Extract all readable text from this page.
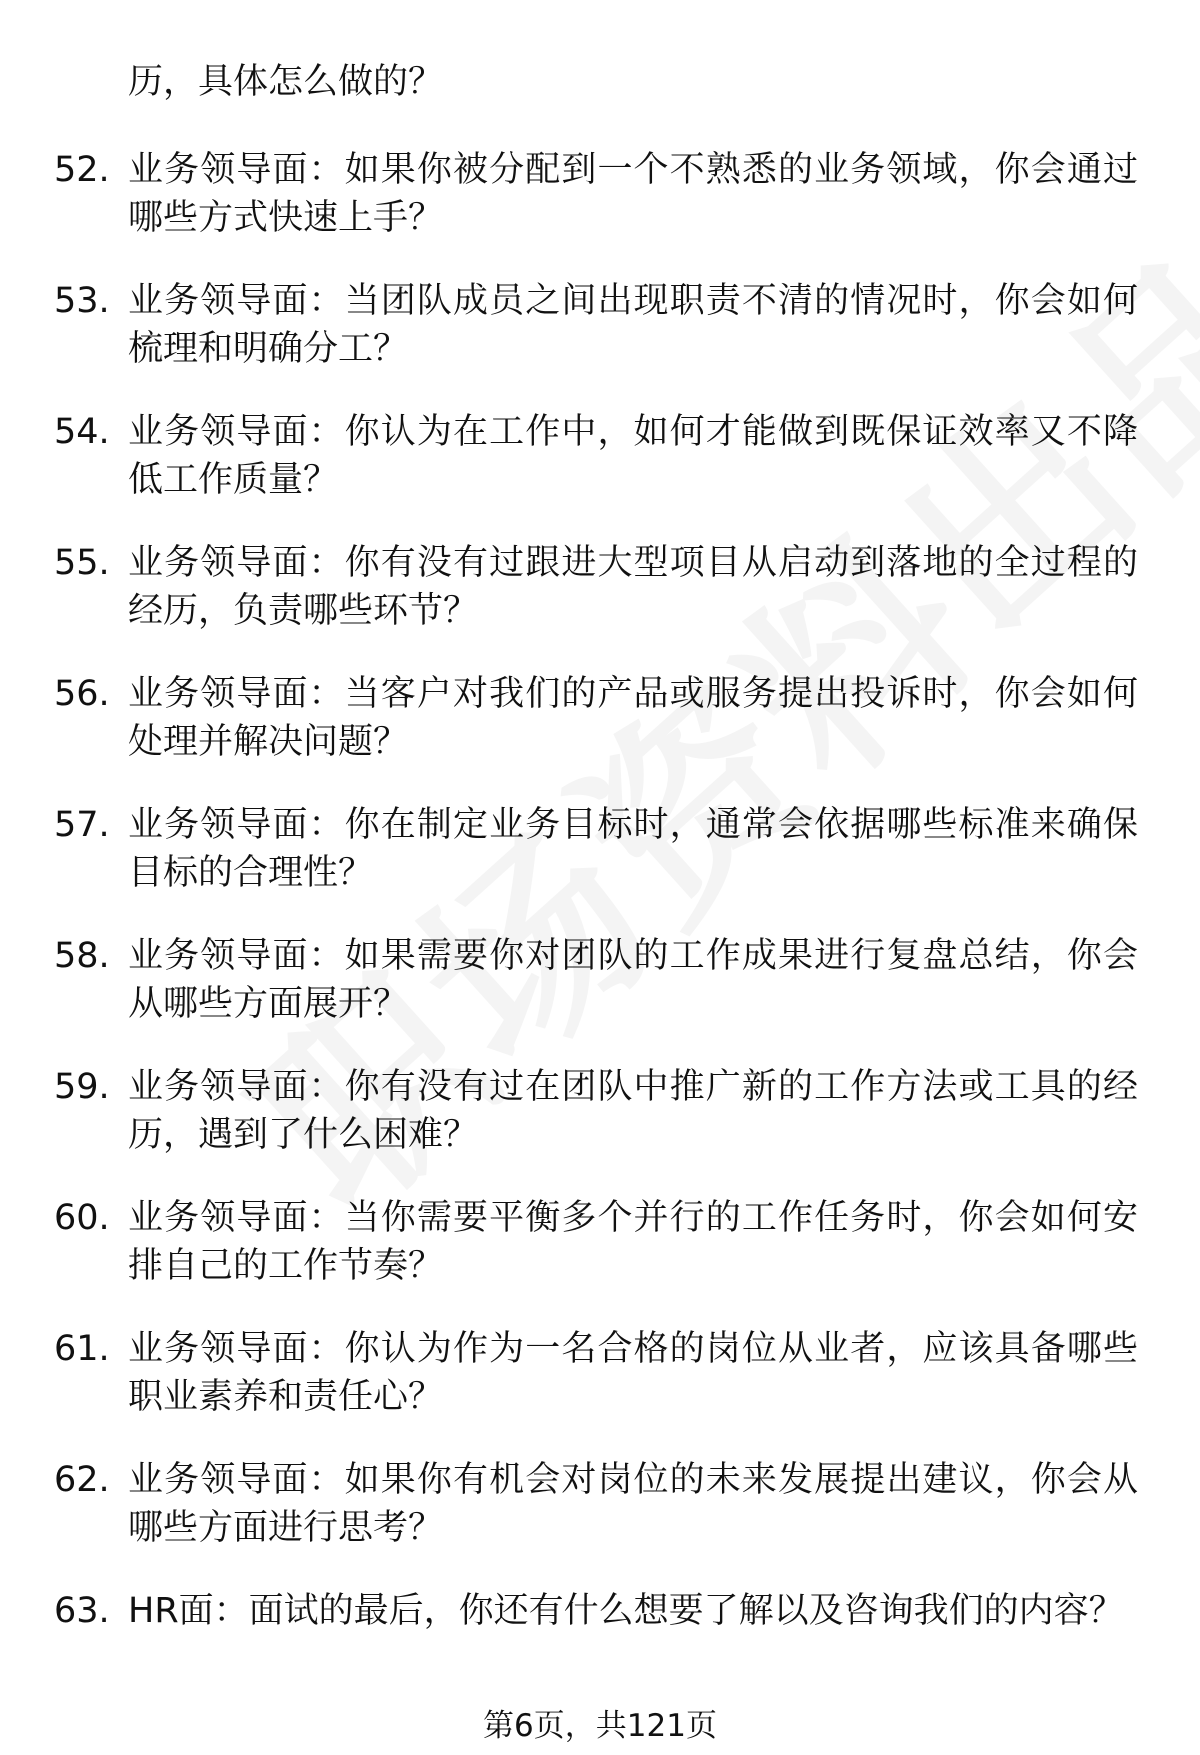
历，具体怎么做的？
52. 业务领导面：如果你被分配到一个不熟悉的业务领域，你会通过哪些方式快速上手？
53. 业务领导面：当团队成员之间出现职责不清的情况时，你会如何梳理和明确分工？
54. 业务领导面：你认为在工作中，如何才能做到既保证效率又不降低工作质量？
55. 业务领导面：你有没有过跟进大型项目从启动到落地的全过程的经历，负责哪些环节？
56. 业务领导面：当客户对我们的产品或服务提出投诉时，你会如何处理并解决问题？
57. 业务领导面：你在制定业务目标时，通常会依据哪些标准来确保目标的合理性？
58. 业务领导面：如果需要你对团队的工作成果进行复盘总结，你会从哪些方面展开？
59. 业务领导面：你有没有过在团队中推广新的工作方法或工具的经历，遇到了什么困难？
60. 业务领导面：当你需要平衡多个并行的工作任务时，你会如何安排自己的工作节奏？
61. 业务领导面：你认为作为一名合格的岗位从业者，应该具备哪些职业素养和责任心？
62. 业务领导面：如果你有机会对岗位的未来发展提出建议，你会从哪些方面进行思考？
63. HR面：面试的最后，你还有什么想要了解以及咨询我们的内容？
第6页，共121页
